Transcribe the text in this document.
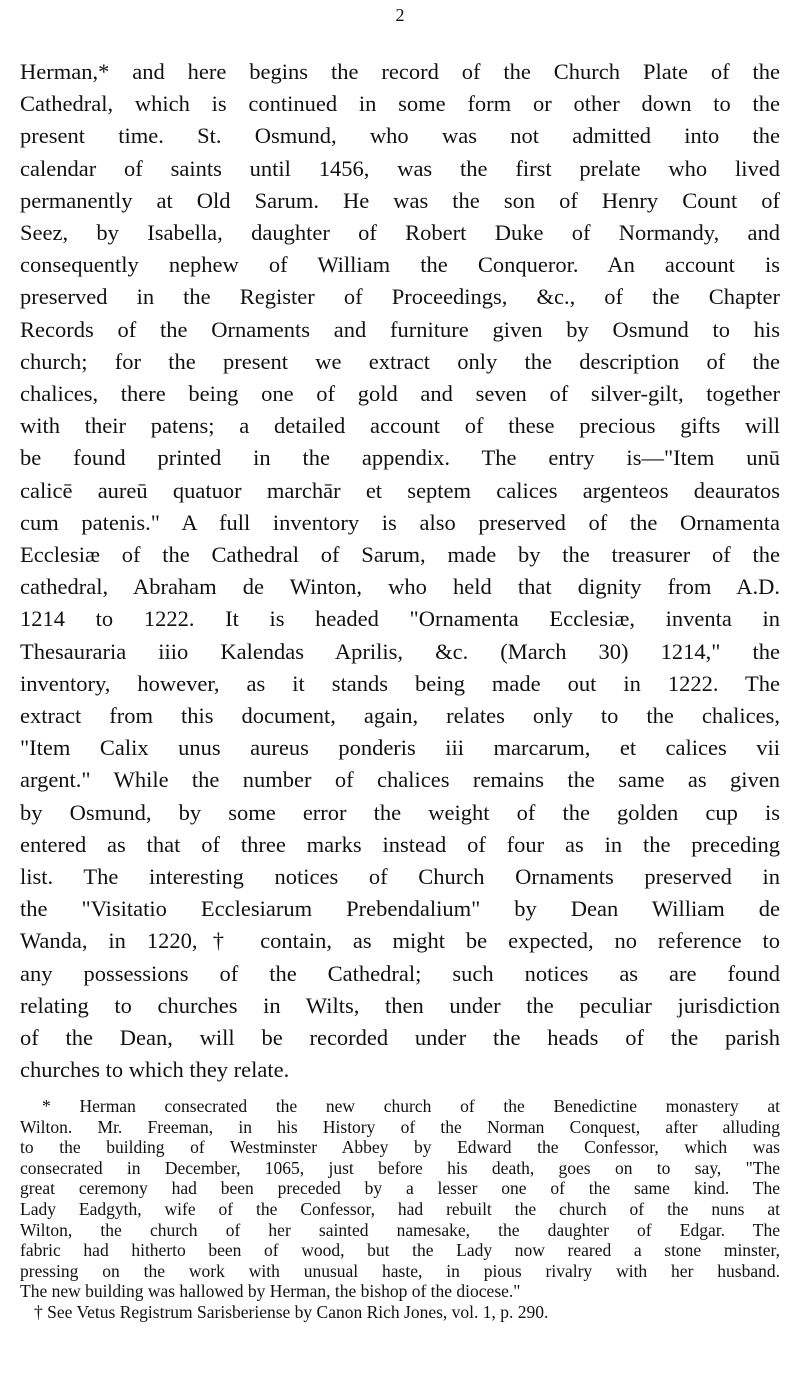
2
Herman,* and here begins the record of the Church Plate of the
Cathedral, which is continued in some form or other down to the
present time. St. Osmund, who was not admitted into the
calendar of saints until 1456, was the first prelate who lived
permanently at Old Sarum. He was the son of Henry Count of
Seez, by Isabella, daughter of Robert Duke of Normandy, and
consequently nephew of William the Conqueror. An account is
preserved in the Register of Proceedings, &c., of the Chapter
Records of the Ornaments and furniture given by Osmund to his
church; for the present we extract only the description of the
chalices, there being one of gold and seven of silver-gilt, together
with their patens; a detailed account of these precious gifts will
be found printed in the appendix. The entry is—"Item unū
calicē aureū quatuor marchār et septem calices argenteos deauratos
cum patenis." A full inventory is also preserved of the Ornamenta
Ecclesiæ of the Cathedral of Sarum, made by the treasurer of the
cathedral, Abraham de Winton, who held that dignity from A.D.
1214 to 1222. It is headed "Ornamenta Ecclesiæ, inventa in
Thesauraria iiio Kalendas Aprilis, &c. (March 30) 1214," the
inventory, however, as it stands being made out in 1222. The
extract from this document, again, relates only to the chalices,
"Item Calix unus aureus ponderis iii marcarum, et calices vii
argent." While the number of chalices remains the same as given
by Osmund, by some error the weight of the golden cup is
entered as that of three marks instead of four as in the preceding
list. The interesting notices of Church Ornaments preserved in
the "Visitatio Ecclesiarum Prebendalium" by Dean William de
Wanda, in 1220,† contain, as might be expected, no reference to
any possessions of the Cathedral; such notices as are found
relating to churches in Wilts, then under the peculiar jurisdiction
of the Dean, will be recorded under the heads of the parish
churches to which they relate.
* Herman consecrated the new church of the Benedictine monastery at
Wilton. Mr. Freeman, in his History of the Norman Conquest, after alluding
to the building of Westminster Abbey by Edward the Confessor, which was
consecrated in December, 1065, just before his death, goes on to say, "The
great ceremony had been preceded by a lesser one of the same kind. The
Lady Eadgyth, wife of the Confessor, had rebuilt the church of the nuns at
Wilton, the church of her sainted namesake, the daughter of Edgar. The
fabric had hitherto been of wood, but the Lady now reared a stone minster,
pressing on the work with unusual haste, in pious rivalry with her husband.
The new building was hallowed by Herman, the bishop of the diocese."
† See Vetus Registrum Sarisberiense by Canon Rich Jones, vol. 1, p. 290.
